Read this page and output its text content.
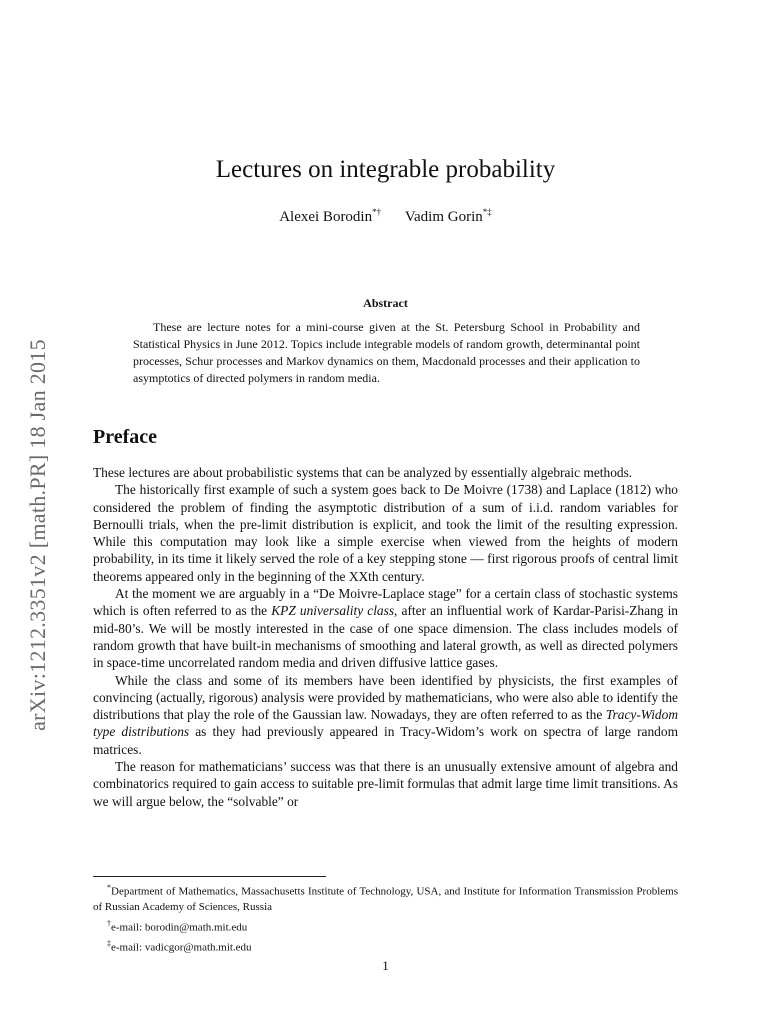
arXiv:1212.3351v2 [math.PR] 18 Jan 2015
Lectures on integrable probability
Alexei Borodin*† Vadim Gorin*‡
Abstract

These are lecture notes for a mini-course given at the St. Petersburg School in Probability and Statistical Physics in June 2012. Topics include integrable models of random growth, determinantal point processes, Schur processes and Markov dynamics on them, Macdonald processes and their application to asymptotics of directed polymers in random media.

Preface

These lectures are about probabilistic systems that can be analyzed by essentially algebraic methods.

The historically first example of such a system goes back to De Moivre (1738) and Laplace (1812) who considered the problem of finding the asymptotic distribution of a sum of i.i.d. random variables for Bernoulli trials, when the pre-limit distribution is explicit, and took the limit of the resulting expression. While this computation may look like a simple exercise when viewed from the heights of modern probability, in its time it likely served the role of a key stepping stone — first rigorous proofs of central limit theorems appeared only in the beginning of the XXth century.

At the moment we are arguably in a “De Moivre-Laplace stage” for a certain class of stochastic systems which is often referred to as the KPZ universality class, after an influential work of Kardar-Parisi-Zhang in mid-80’s. We will be mostly interested in the case of one space dimension. The class includes models of random growth that have built-in mechanisms of smoothing and lateral growth, as well as directed polymers in space-time uncorrelated random media and driven diffusive lattice gases.

While the class and some of its members have been identified by physicists, the first examples of convincing (actually, rigorous) analysis were provided by mathematicians, who were also able to identify the distributions that play the role of the Gaussian law. Nowadays, they are often referred to as the Tracy-Widom type distributions as they had previously appeared in Tracy-Widom’s work on spectra of large random matrices.

The reason for mathematicians’ success was that there is an unusually extensive amount of algebra and combinatorics required to gain access to suitable pre-limit formulas that admit large time limit transitions. As we will argue below, the “solvable” or

*Department of Mathematics, Massachusetts Institute of Technology, USA, and Institute for Information Transmission Problems of Russian Academy of Sciences, Russia

†e-mail: borodin@math.mit.edu

‡e-mail: vadicgor@math.mit.edu

1
